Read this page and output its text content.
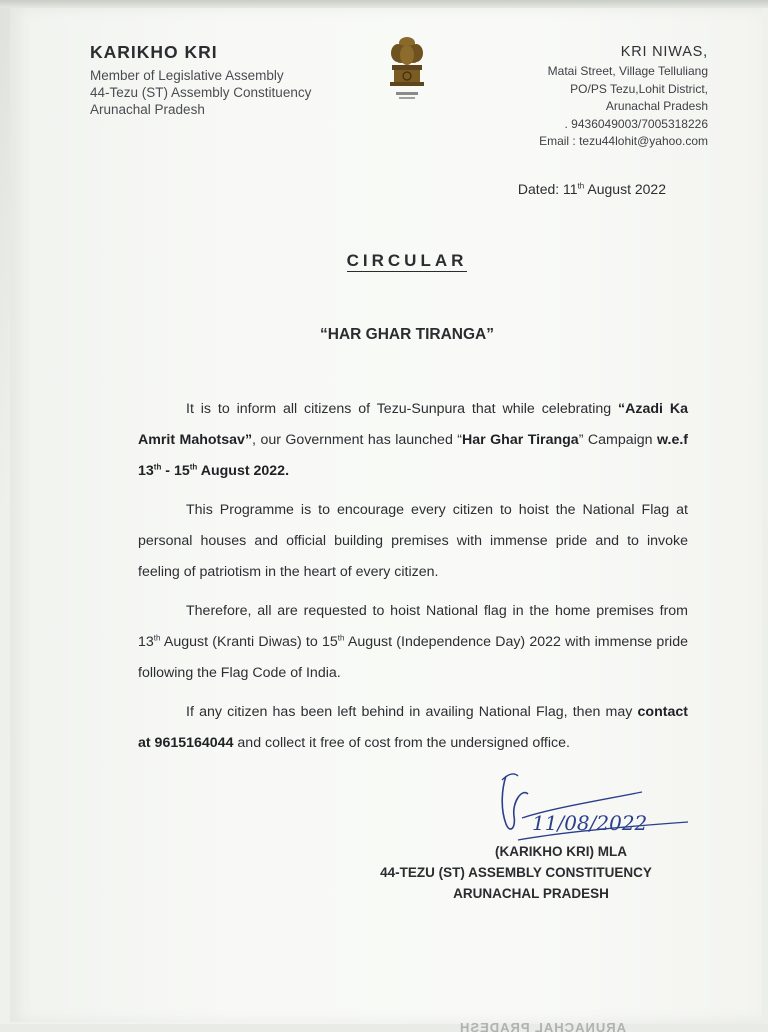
KARIKHO KRI
Member of Legislative Assembly
44-Tezu (ST) Assembly Constituency
Arunachal Pradesh
KRI NIWAS,
Matai Street, Village Telluliang
PO/PS Tezu,Lohit District,
Arunachal Pradesh
. 9436049003/7005318226
Email : tezu44lohit@yahoo.com
Dated: 11th August 2022
CIRCULAR
“HAR GHAR TIRANGA”

It is to inform all citizens of Tezu-Sunpura that while celebrating “Azadi Ka Amrit Mahotsav”, our Government has launched “Har Ghar Tiranga” Campaign w.e.f 13th - 15th August 2022.

This Programme is to encourage every citizen to hoist the National Flag at personal houses and official building premises with immense pride and to invoke feeling of patriotism in the heart of every citizen.

Therefore, all are requested to hoist National flag in the home premises from 13th August (Kranti Diwas) to 15th August (Independence Day) 2022 with immense pride following the Flag Code of India.

If any citizen has been left behind in availing National Flag, then may contact at 9615164044 and collect it free of cost from the undersigned office.

11/08/2022
(KARIKHO KRI) MLA
44-TEZU (ST) ASSEMBLY CONSTITUENCY
ARUNACHAL PRADESH
ARUNACHAL PRADESH
